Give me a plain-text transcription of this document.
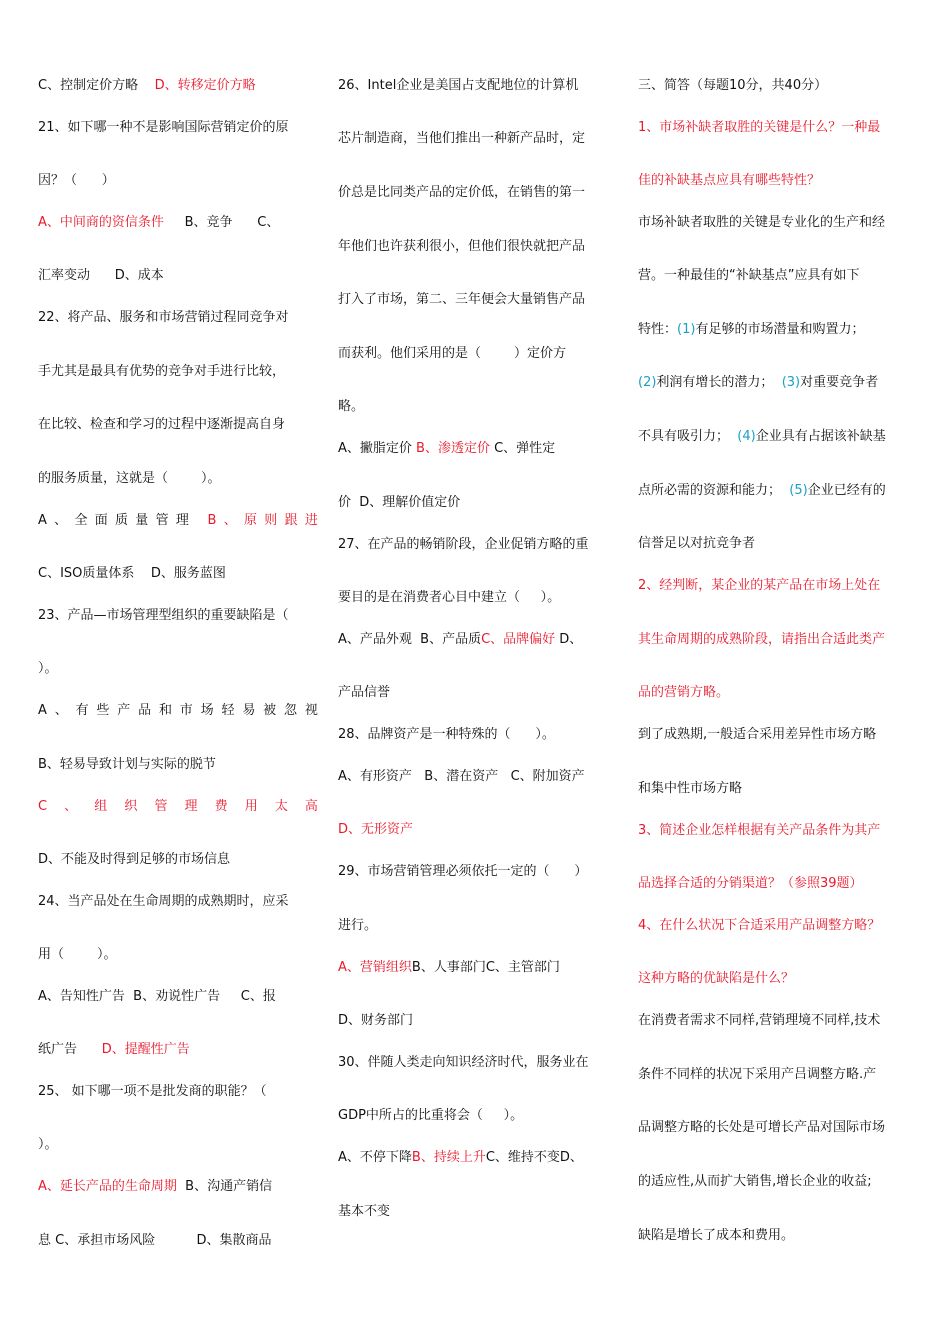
C、控制定价方略    D、转移定价方略
21、如下哪一种不是影响国际营销定价的原
因？（      ）
A、中间商的资信条件     B、竞争      C、
汇率变动      D、成本
22、将产品、服务和市场营销过程同竞争对
手尤其是最具有优势的竞争对手进行比较，
在比较、检查和学习的过程中逐渐提高自身
的服务质量，这就是（        ）。
A 、 全 面 质 量 管 理
B 、 原 则 跟 进
C、ISO质量体系    D、服务蓝图
23、产品—市场管理型组织的重要缺陷是（
）。
A 、 有 些 产 品 和 市 场 轻 易 被 忽 视
B、轻易导致计划与实际的脱节
C 、 组 织 管 理 费 用 太 高
D、不能及时得到足够的市场信息
24、当产品处在生命周期的成熟期时，应采
用（        ）。
A、告知性广告  B、劝说性广告     C、报
纸广告      D、提醒性广告
25、 如下哪一项不是批发商的职能？（
）。
A、延长产品的生命周期  B、沟通产销信
息 C、承担市场风险          D、集散商品
26、Intel企业是美国占支配地位的计算机
芯片制造商，当他们推出一种新产品时，定
价总是比同类产品的定价低，在销售的第一
年他们也许获利很小，但他们很快就把产品
打入了市场，第二、三年便会大量销售产品
而获利。他们采用的是（        ）定价方
略。
A、撇脂定价 B、渗透定价 C、弹性定
价  D、理解价值定价
27、在产品的畅销阶段，企业促销方略的重
要目的是在消费者心目中建立（     ）。
A、产品外观  B、产品质C、品牌偏好 D、
产品信誉
28、品牌资产是一种特殊的（      ）。
A、有形资产   B、潜在资产   C、附加资产
D、无形资产
29、市场营销管理必须依托一定的（      ）
进行。
A、营销组织B、人事部门C、主管部门
D、财务部门
30、伴随人类走向知识经济时代，服务业在
GDP中所占的比重将会（     ）。
A、不停下降B、持续上升C、维持不变D、
基本不变
三、简答（每题10分，共40分）
1、市场补缺者取胜的关键是什么？一种最
佳的补缺基点应具有哪些特性？
市场补缺者取胜的关键是专业化的生产和经
营。一种最佳的“补缺基点”应具有如下
特性：(1)有足够的市场潜量和购置力；
(2)利润有增长的潜力；  (3)对重要竞争者
不具有吸引力；  (4)企业具有占据该补缺基
点所必需的资源和能力；  (5)企业已经有的
信誉足以对抗竞争者
2、经判断，某企业的某产品在市场上处在
其生命周期的成熟阶段，请指出合适此类产
品的营销方略。
到了成熟期,一般适合采用差异性市场方略
和集中性市场方略
3、简述企业怎样根据有关产品条件为其产
品选择合适的分销渠道？（参照39题）
4、在什么状况下合适采用产品调整方略？
这种方略的优缺陷是什么？
在消费者需求不同样,营销理境不同样,技术
条件不同样的状况下采用产吕调整方略.产
品调整方略的长处是可增长产品对国际市场
的适应性,从而扩大销售,增长企业的收益;
缺陷是增长了成本和费用。
